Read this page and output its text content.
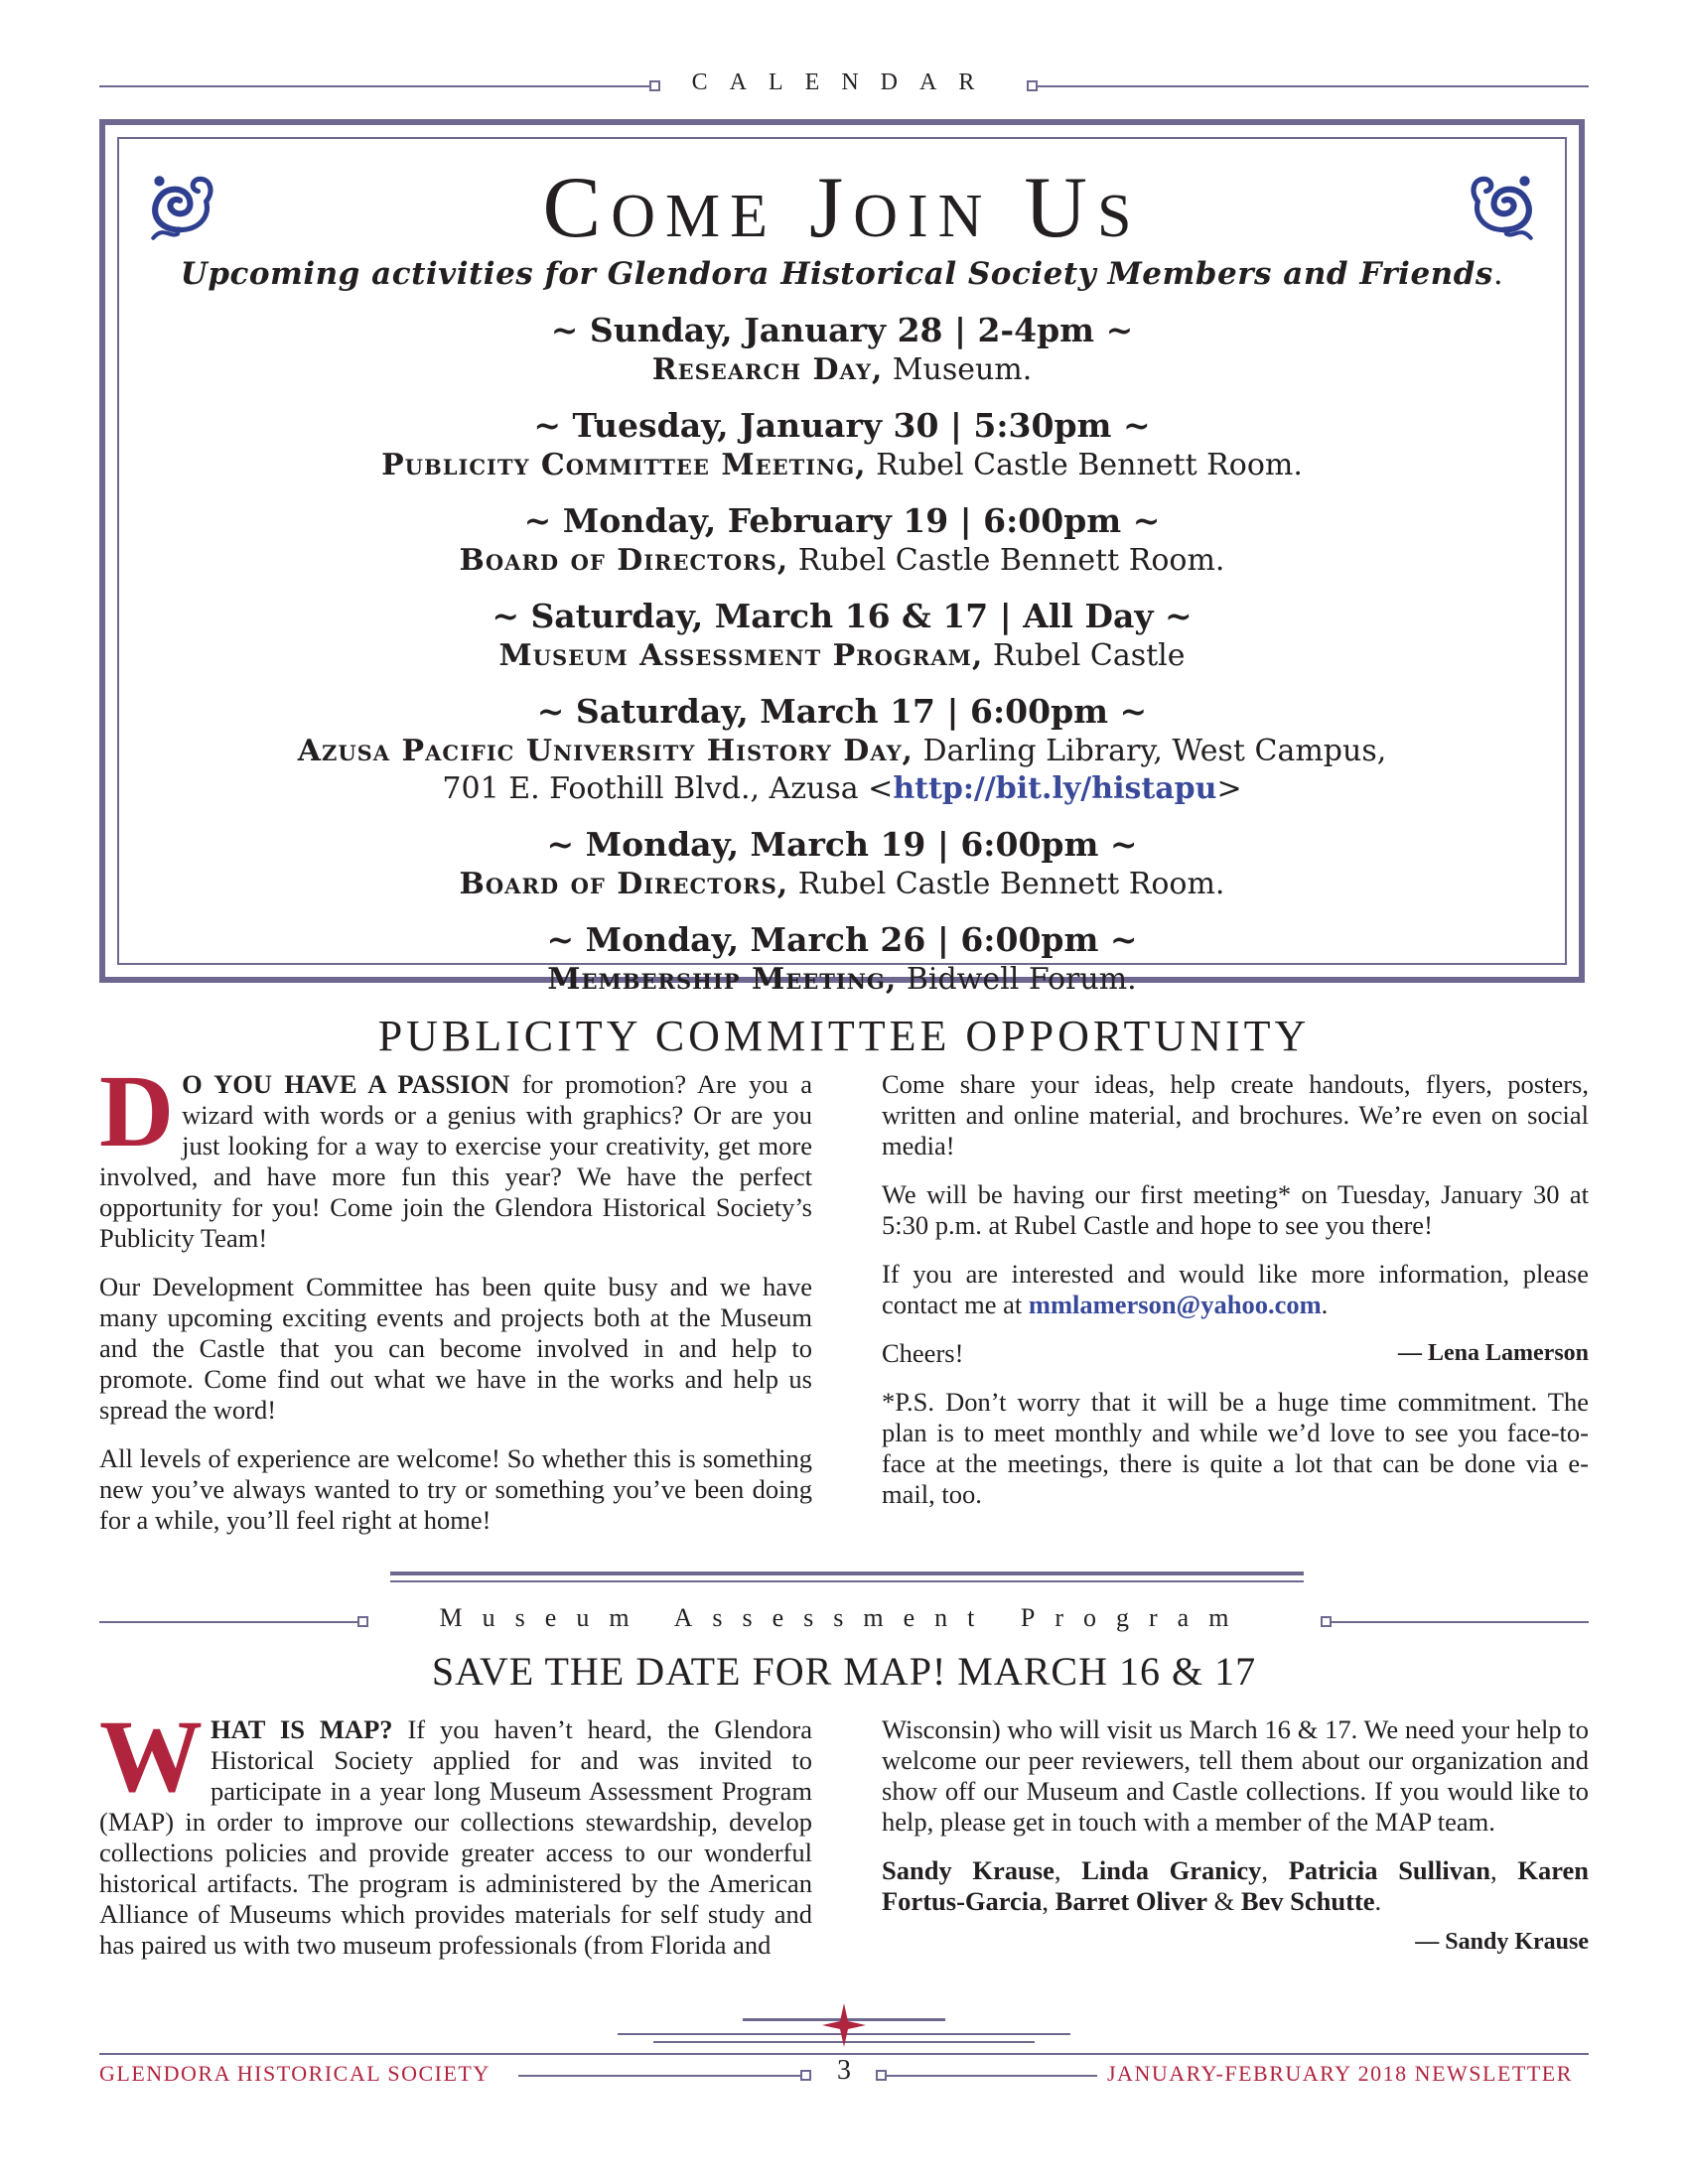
CALENDAR
Come Join Us
Upcoming activities for Glendora Historical Society Members and Friends.
~ Sunday, January 28 | 2-4pm ~
Research Day, Museum.
~ Tuesday, January 30 | 5:30pm ~
Publicity Committee Meeting, Rubel Castle Bennett Room.
~ Monday, February 19 | 6:00pm ~
Board of Directors, Rubel Castle Bennett Room.
~ Saturday, March 16 & 17 | All Day ~
Museum Assessment Program, Rubel Castle
~ Saturday, March 17 | 6:00pm ~
Azusa Pacific University History Day, Darling Library, West Campus,
701 E. Foothill Blvd., Azusa <http://bit.ly/histapu>
~ Monday, March 19 | 6:00pm ~
Board of Directors, Rubel Castle Bennett Room.
~ Monday, March 26 | 6:00pm ~
Membership Meeting, Bidwell Forum.
PUBLICITY COMMITTEE OPPORTUNITY

D O YOU HAVE A PASSION for promotion? Are you a wizard with words or a genius with graphics? Or are you just looking for a way to exercise your creativity, get more involved, and have more fun this year? We have the perfect opportunity for you! Come join the Glendora Historical Society’s Publicity Team!

Our Development Committee has been quite busy and we have many upcoming exciting events and projects both at the Museum and the Castle that you can become involved in and help to promote. Come find out what we have in the works and help us spread the word!

All levels of experience are welcome! So whether this is something new you’ve always wanted to try or something you’ve been doing for a while, you’ll feel right at home!

Come share your ideas, help create handouts, flyers, posters, written and online material, and brochures. We’re even on social media!

We will be having our first meeting* on Tuesday, January 30 at 5:30 p.m. at Rubel Castle and hope to see you there!

If you are interested and would like more information, please contact me at mmlamerson@yahoo.com.

Cheers!	— Lena Lamerson

*P.S. Don’t worry that it will be a huge time commitment. The plan is to meet monthly and while we’d love to see you face-to-face at the meetings, there is quite a lot that can be done via e-mail, too.

Museum Assessment Program
SAVE THE DATE FOR MAP! MARCH 16 & 17

WHAT IS MAP? If you haven’t heard, the Glendora Historical Society applied for and was invited to participate in a year long Museum Assessment Program (MAP) in order to improve our collections stewardship, develop collections policies and provide greater access to our wonderful historical artifacts. The program is administered by the American Alliance of Museums which provides materials for self study and has paired us with two museum professionals (from Florida and

Wisconsin) who will visit us March 16 & 17. We need your help to welcome our peer reviewers, tell them about our organization and show off our Museum and Castle collections. If you would like to help, please get in touch with a member of the MAP team.

Sandy Krause, Linda Granicy, Patricia Sullivan, Karen Fortus-Garcia, Barret Oliver & Bev Schutte.

— Sandy Krause

GLENDORA HISTORICAL SOCIETY	3	JANUARY-FEBRUARY 2018 NEWSLETTER
